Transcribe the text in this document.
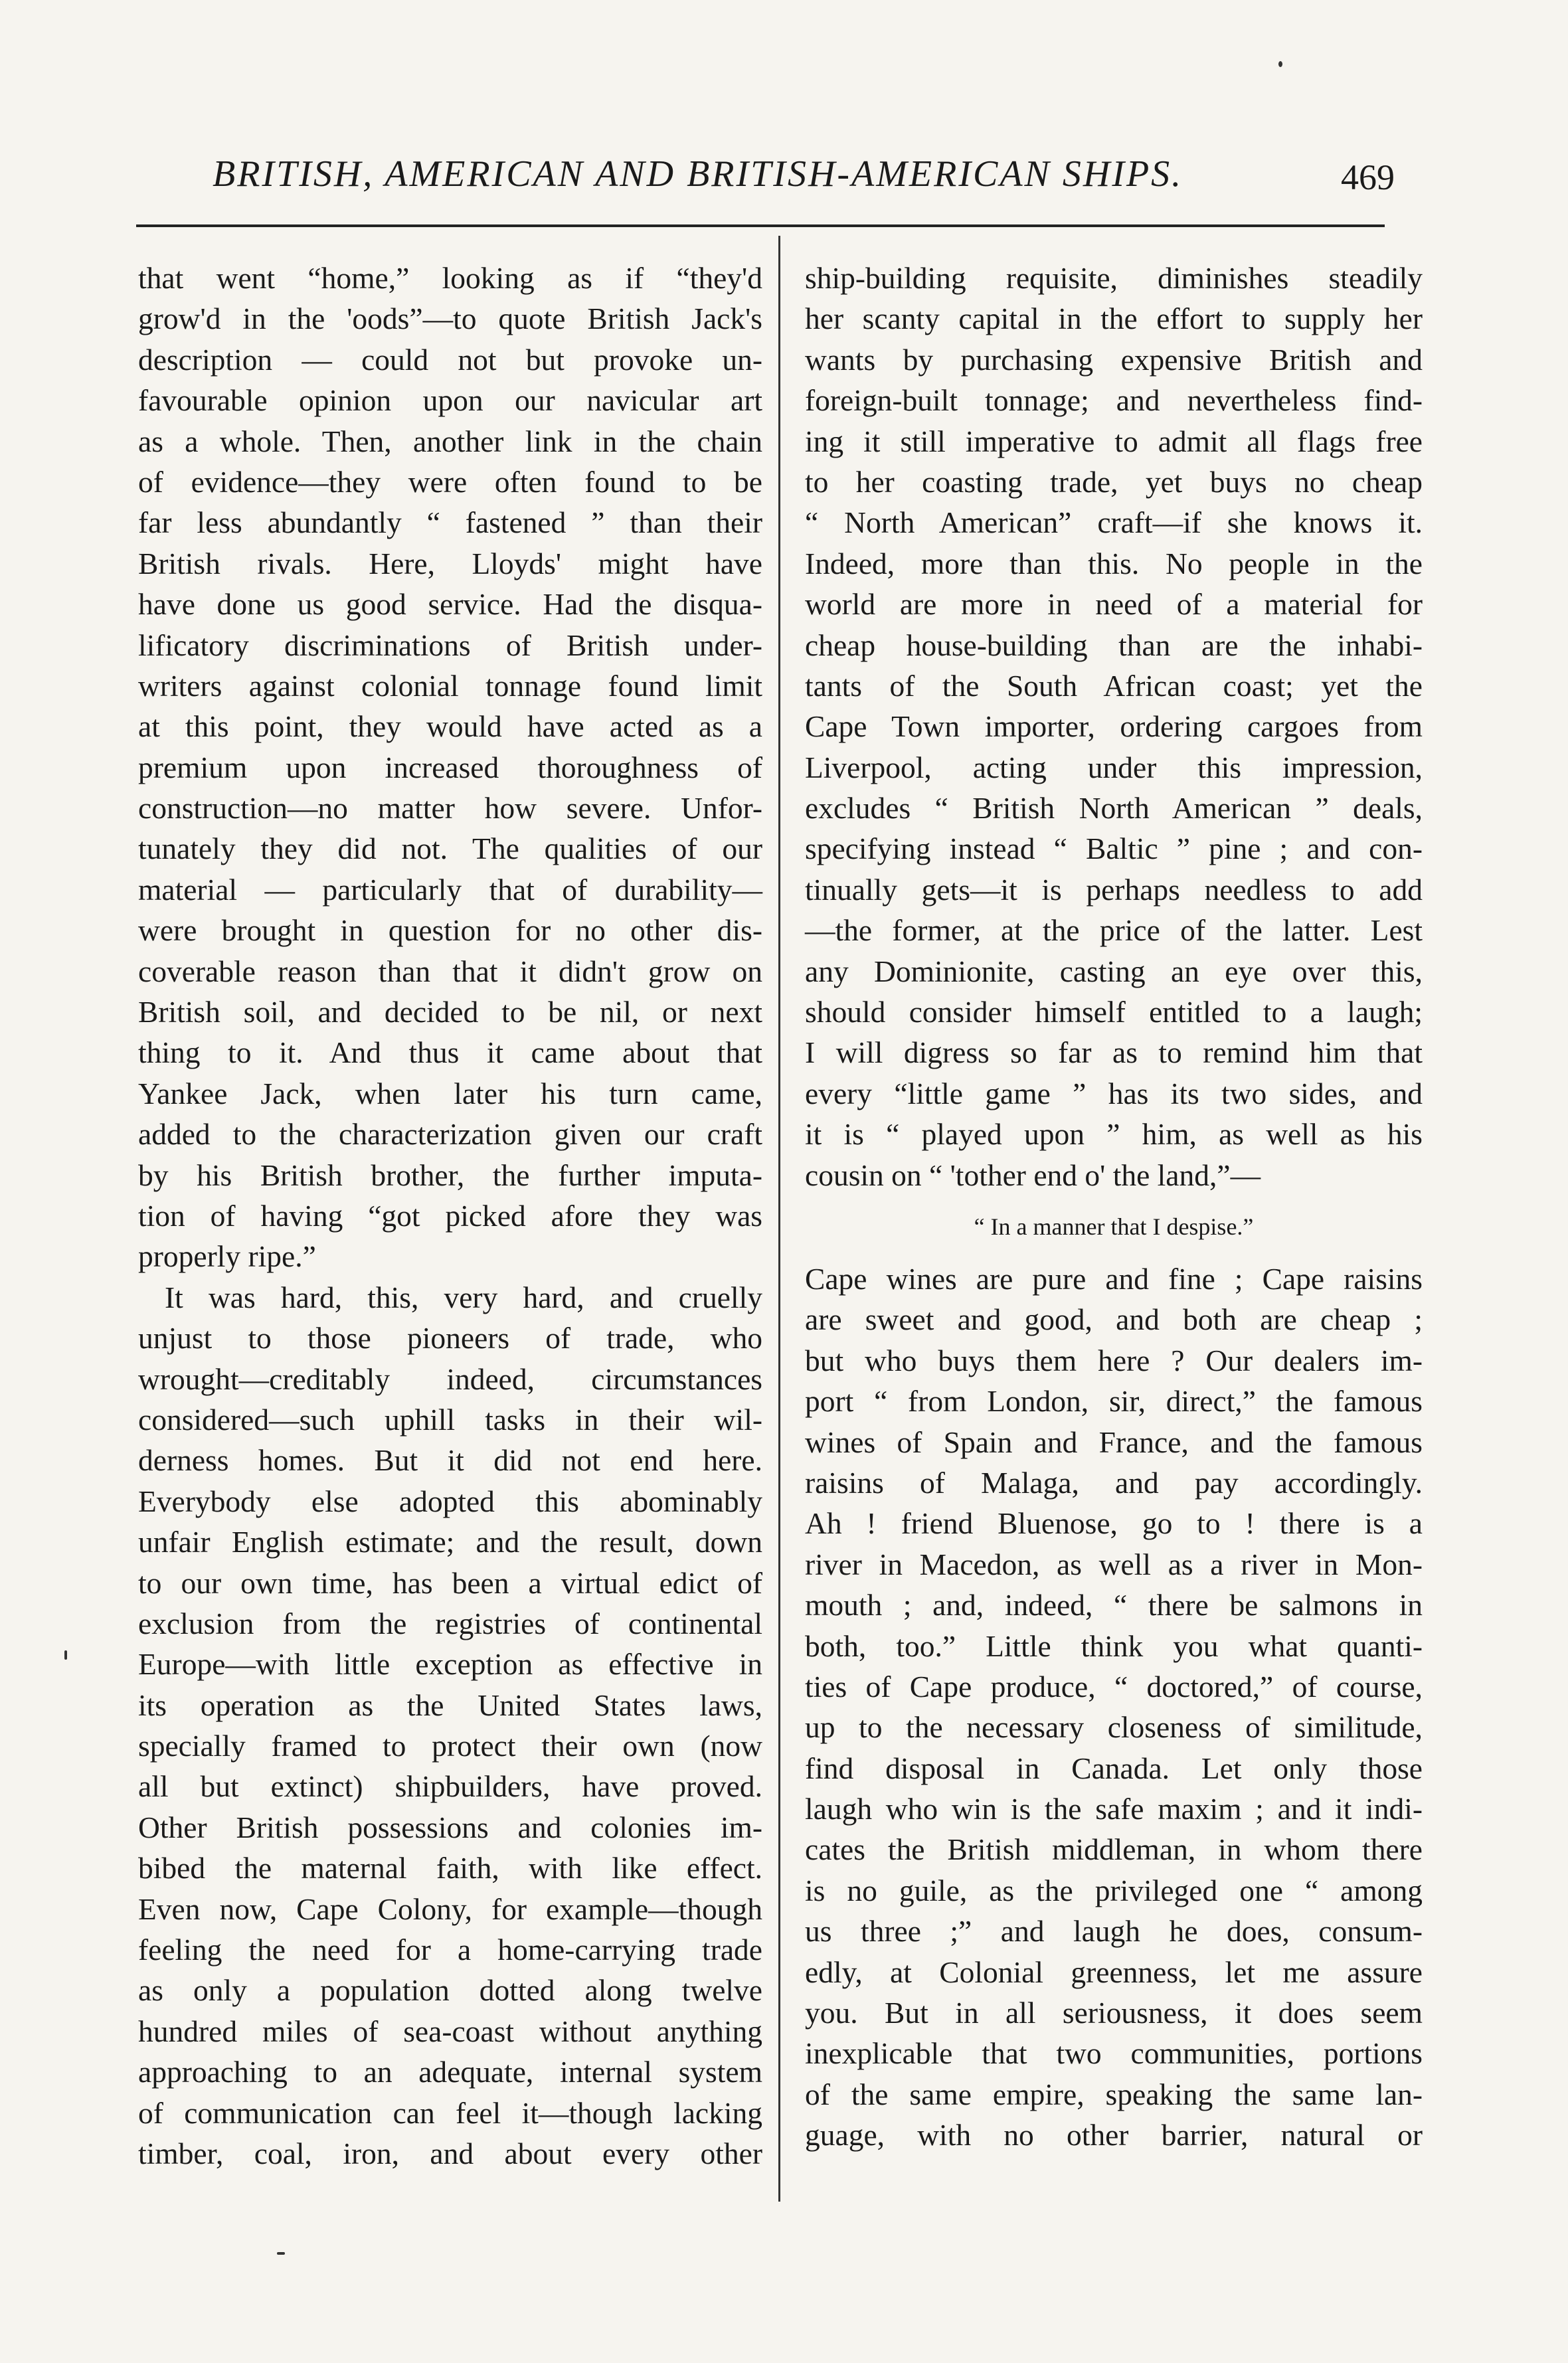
BRITISH, AMERICAN AND BRITISH-AMERICAN SHIPS.	469
that went “home,” looking as if “they'd
grow'd in the 'oods”—to quote British Jack's
description — could not but provoke un-
favourable opinion upon our navicular art
as a whole. Then, another link in the chain
of evidence—they were often found to be
far less abundantly “ fastened ” than their
British rivals. Here, Lloyds' might have
have done us good service. Had the disqua-
lificatory discriminations of British under-
writers against colonial tonnage found limit
at this point, they would have acted as a
premium upon increased thoroughness of
construction—no matter how severe. Unfor-
tunately they did not. The qualities of our
material — particularly that of durability—
were brought in question for no other dis-
coverable reason than that it didn't grow on
British soil, and decided to be nil, or next
thing to it. And thus it came about that
Yankee Jack, when later his turn came,
added to the characterization given our craft
by his British brother, the further imputa-
tion of having “got picked afore they was
properly ripe.”
It was hard, this, very hard, and cruelly
unjust to those pioneers of trade, who
wrought—creditably indeed, circumstances
considered—such uphill tasks in their wil-
derness homes. But it did not end here.
Everybody else adopted this abominably
unfair English estimate; and the result, down
to our own time, has been a virtual edict of
exclusion from the registries of continental
Europe—with little exception as effective in
its operation as the United States laws,
specially framed to protect their own (now
all but extinct) shipbuilders, have proved.
Other British possessions and colonies im-
bibed the maternal faith, with like effect.
Even now, Cape Colony, for example—though
feeling the need for a home-carrying trade
as only a population dotted along twelve
hundred miles of sea-coast without anything
approaching to an adequate, internal system
of communication can feel it—though lacking
timber, coal, iron, and about every other
ship-building requisite, diminishes steadily
her scanty capital in the effort to supply her
wants by purchasing expensive British and
foreign-built tonnage; and nevertheless find-
ing it still imperative to admit all flags free
to her coasting trade, yet buys no cheap
“ North American” craft—if she knows it.
Indeed, more than this. No people in the
world are more in need of a material for
cheap house-building than are the inhabi-
tants of the South African coast; yet the
Cape Town importer, ordering cargoes from
Liverpool, acting under this impression,
excludes “ British North American ” deals,
specifying instead “ Baltic ” pine ; and con-
tinually gets—it is perhaps needless to add
—the former, at the price of the latter. Lest
any Dominionite, casting an eye over this,
should consider himself entitled to a laugh;
I will digress so far as to remind him that
every “little game ” has its two sides, and
it is “ played upon ” him, as well as his
cousin on “ 'tother end o' the land,”—
“ In a manner that I despise.”
Cape wines are pure and fine ; Cape raisins
are sweet and good, and both are cheap ;
but who buys them here ? Our dealers im-
port “ from London, sir, direct,” the famous
wines of Spain and France, and the famous
raisins of Malaga, and pay accordingly.
Ah ! friend Bluenose, go to ! there is a
river in Macedon, as well as a river in Mon-
mouth ; and, indeed, “ there be salmons in
both, too.” Little think you what quanti-
ties of Cape produce, “ doctored,” of course,
up to the necessary closeness of similitude,
find disposal in Canada. Let only those
laugh who win is the safe maxim ; and it indi-
cates the British middleman, in whom there
is no guile, as the privileged one “ among
us three ;” and laugh he does, consum-
edly, at Colonial greenness, let me assure
you. But in all seriousness, it does seem
inexplicable that two communities, portions
of the same empire, speaking the same lan-
guage, with no other barrier, natural or
